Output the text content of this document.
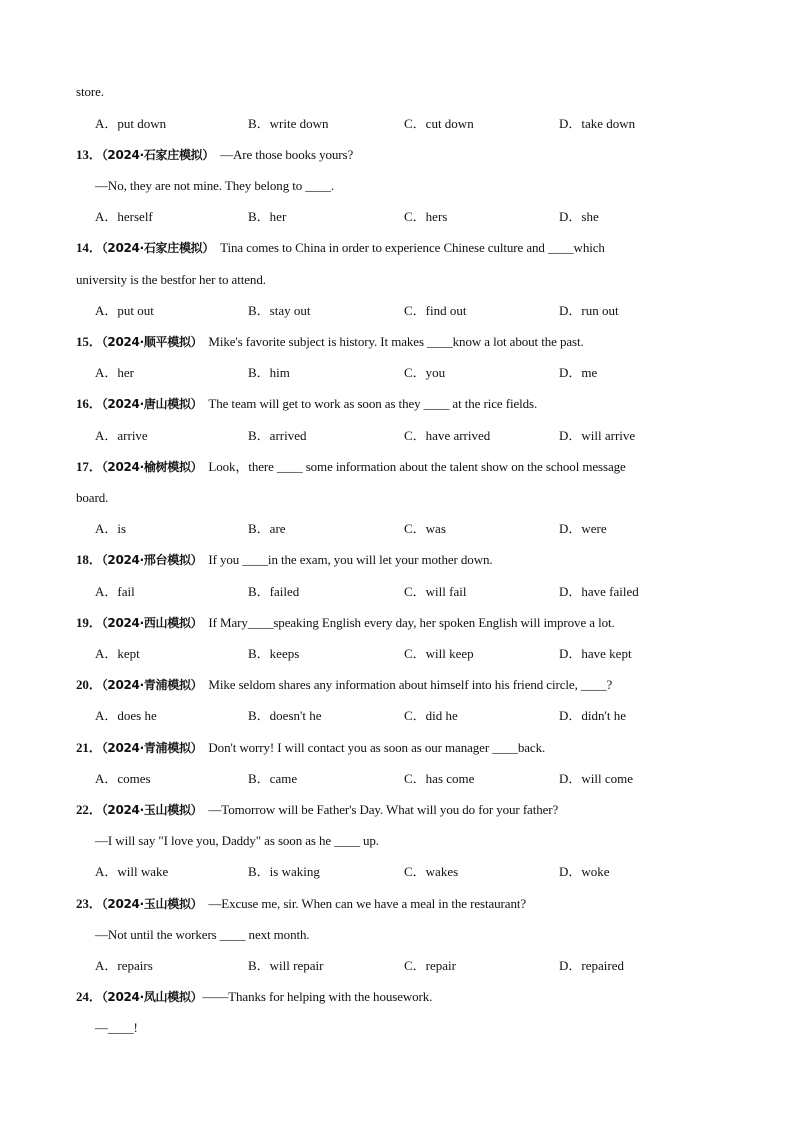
store.
A．put down	B．write down	C．cut down	D．take down
13．（2024·石家庄模拟） —Are those books yours?
—No, they are not mine. They belong to ____.
A．herself	B．her	C．hers	D．she
14．（2024·石家庄模拟） Tina comes to China in order to experience Chinese culture and ____which
university is the bestfor her to attend.
A．put out	B．stay out	C．find out	D．run out
15．（2024·顺平模拟） Mike's favorite subject is history. It makes ____know a lot about the past.
A．her	B．him	C．you	D．me
16．（2024·唐山模拟） The team will get to work as soon as they ____ at the rice fields.
A．arrive	B．arrived	C．have arrived	D．will arrive
17．（2024·榆树模拟） Look，there ____ some information about the talent show on the school message
board.
A．is	B．are	C．was	D．were
18．（2024·邢台模拟） If you ____in the exam, you will let your mother down.
A．fail	B．failed	C．will fail	D．have failed
19．（2024·西山模拟） If Mary____speaking English every day, her spoken English will improve a lot.
A．kept	B．keeps	C．will keep	D．have kept
20．（2024·青浦模拟） Mike seldom shares any information about himself into his friend circle, ____?
A．does he	B．doesn't he	C．did he	D．didn't he
21．（2024·青浦模拟） Don't worry! I will contact you as soon as our manager ____back.
A．comes	B．came	C．has come	D．will come
22．（2024·玉山模拟） —Tomorrow will be Father's Day. What will you do for your father?
—I will say "I love you, Daddy" as soon as he ____ up.
A．will wake	B．is waking	C．wakes	D．woke
23．（2024·玉山模拟） —Excuse me, sir. When can we have a meal in the restaurant?
—Not until the workers ____ next month.
A．repairs	B．will repair	C．repair	D．repaired
24．（2024·凤山模拟）——Thanks for helping with the housework.
—____!
